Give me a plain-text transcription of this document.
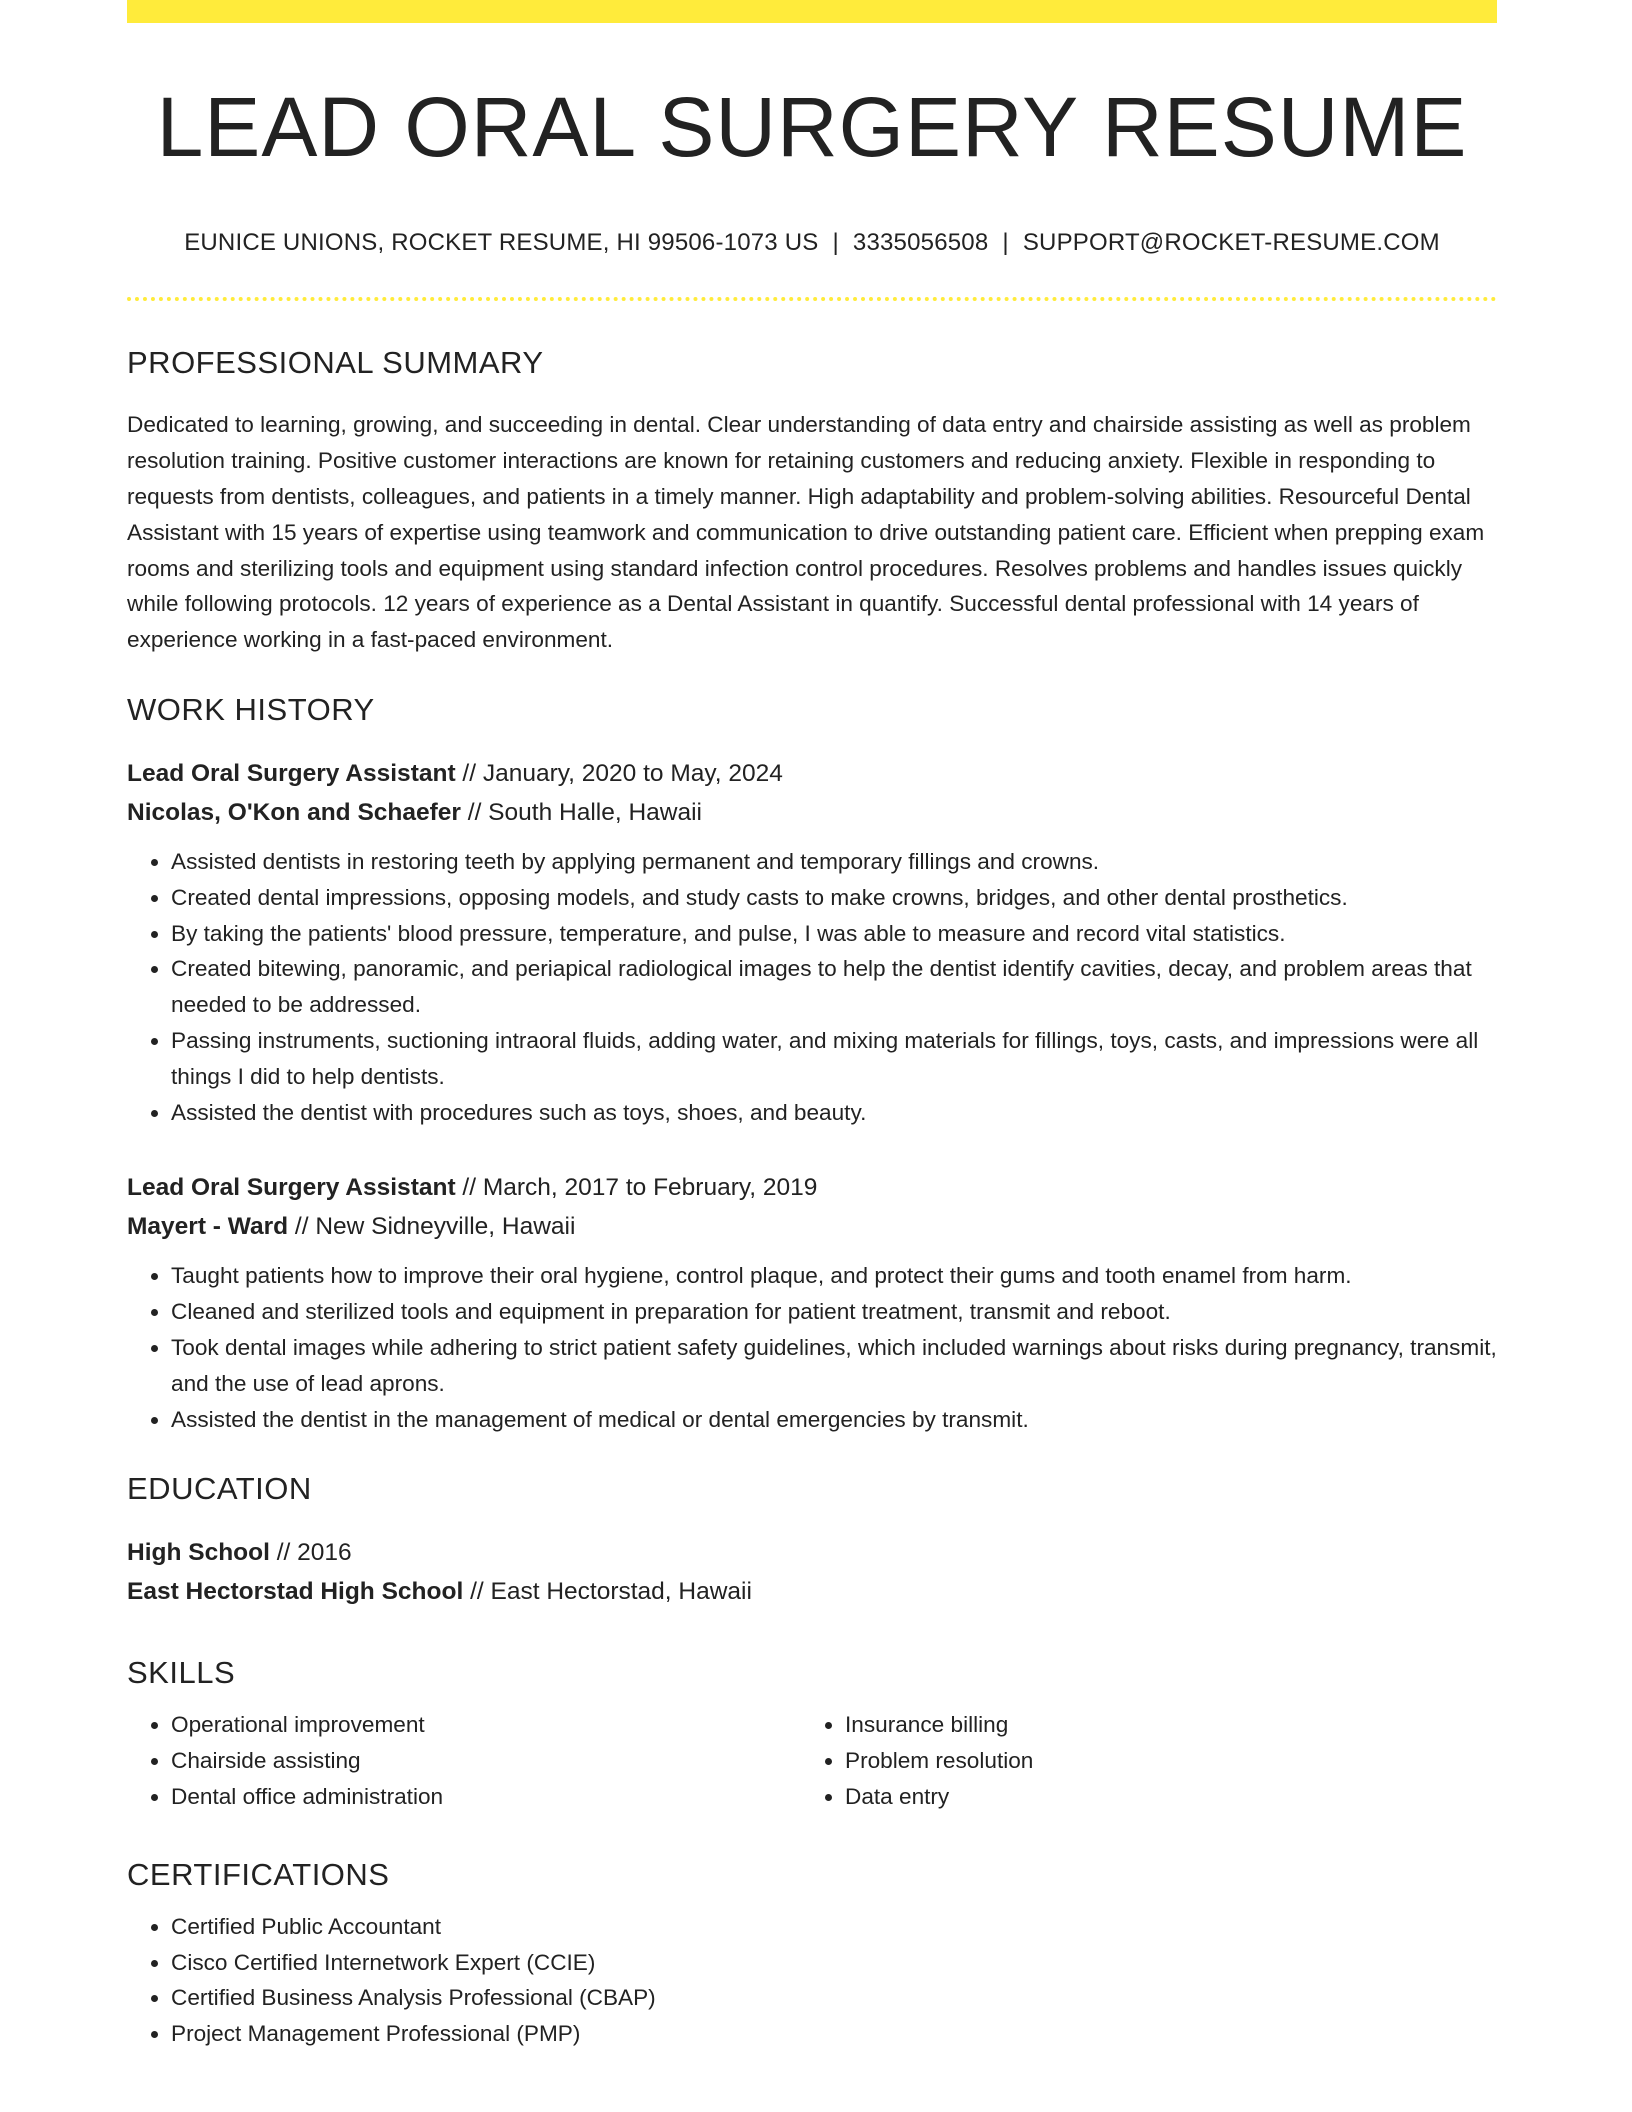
LEAD ORAL SURGERY RESUME
EUNICE UNIONS, ROCKET RESUME, HI 99506-1073 US | 3335056508 | SUPPORT@ROCKET-RESUME.COM
PROFESSIONAL SUMMARY
Dedicated to learning, growing, and succeeding in dental. Clear understanding of data entry and chairside assisting as well as problem resolution training. Positive customer interactions are known for retaining customers and reducing anxiety. Flexible in responding to requests from dentists, colleagues, and patients in a timely manner. High adaptability and problem-solving abilities. Resourceful Dental Assistant with 15 years of expertise using teamwork and communication to drive outstanding patient care. Efficient when prepping exam rooms and sterilizing tools and equipment using standard infection control procedures. Resolves problems and handles issues quickly while following protocols. 12 years of experience as a Dental Assistant in quantify. Successful dental professional with 14 years of experience working in a fast-paced environment.
WORK HISTORY
Lead Oral Surgery Assistant // January, 2020 to May, 2024
Nicolas, O'Kon and Schaefer // South Halle, Hawaii
• Assisted dentists in restoring teeth by applying permanent and temporary fillings and crowns.
• Created dental impressions, opposing models, and study casts to make crowns, bridges, and other dental prosthetics.
• By taking the patients' blood pressure, temperature, and pulse, I was able to measure and record vital statistics.
• Created bitewing, panoramic, and periapical radiological images to help the dentist identify cavities, decay, and problem areas that needed to be addressed.
• Passing instruments, suctioning intraoral fluids, adding water, and mixing materials for fillings, toys, casts, and impressions were all things I did to help dentists.
• Assisted the dentist with procedures such as toys, shoes, and beauty.
Lead Oral Surgery Assistant // March, 2017 to February, 2019
Mayert - Ward // New Sidneyville, Hawaii
• Taught patients how to improve their oral hygiene, control plaque, and protect their gums and tooth enamel from harm.
• Cleaned and sterilized tools and equipment in preparation for patient treatment, transmit and reboot.
• Took dental images while adhering to strict patient safety guidelines, which included warnings about risks during pregnancy, transmit, and the use of lead aprons.
• Assisted the dentist in the management of medical or dental emergencies by transmit.
EDUCATION
High School // 2016
East Hectorstad High School // East Hectorstad, Hawaii
SKILLS
• Operational improvement
• Chairside assisting
• Dental office administration
• Insurance billing
• Problem resolution
• Data entry
CERTIFICATIONS
• Certified Public Accountant
• Cisco Certified Internetwork Expert (CCIE)
• Certified Business Analysis Professional (CBAP)
• Project Management Professional (PMP)
